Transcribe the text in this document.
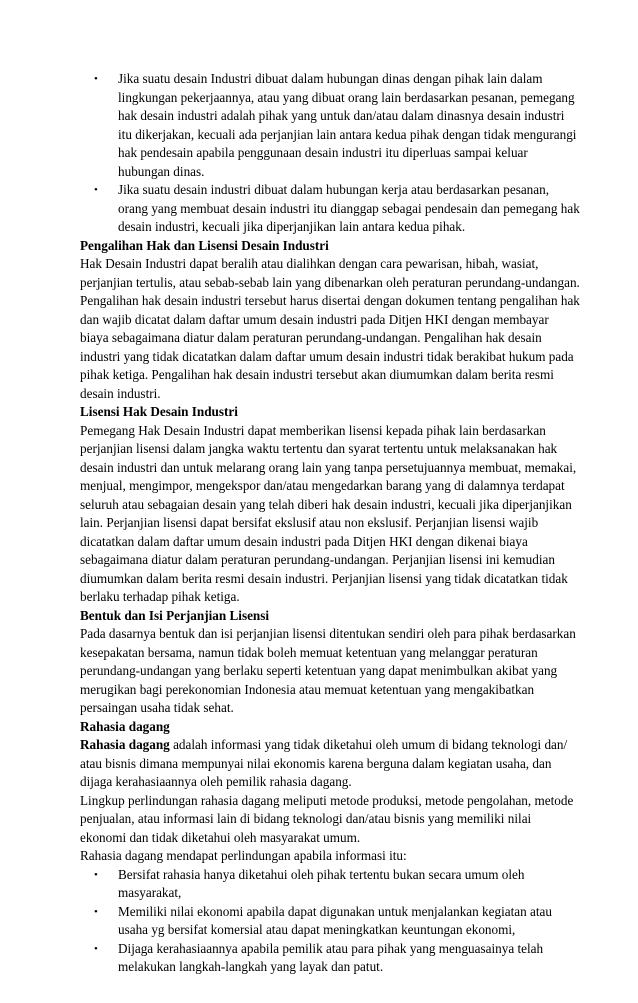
• Jika suatu desain Industri dibuat dalam hubungan dinas dengan pihak lain dalam lingkungan pekerjaannya, atau yang dibuat orang lain berdasarkan pesanan, pemegang hak desain industri adalah pihak yang untuk dan/atau dalam dinasnya desain industri itu dikerjakan, kecuali ada perjanjian lain antara kedua pihak dengan tidak mengurangi hak pendesain apabila penggunaan desain industri itu diperluas sampai keluar hubungan dinas.
• Jika suatu desain industri dibuat dalam hubungan kerja atau berdasarkan pesanan, orang yang membuat desain industri itu dianggap sebagai pendesain dan pemegang hak desain industri, kecuali jika diperjanjikan lain antara kedua pihak.
Pengalihan Hak dan Lisensi Desain Industri

Hak Desain Industri dapat beralih atau dialihkan dengan cara pewarisan, hibah, wasiat, perjanjian tertulis, atau sebab-sebab lain yang dibenarkan oleh peraturan perundang-undangan. Pengalihan hak desain industri tersebut harus disertai dengan dokumen tentang pengalihan hak dan wajib dicatat dalam daftar umum desain industri pada Ditjen HKI dengan membayar biaya sebagaimana diatur dalam peraturan perundang-undangan. Pengalihan hak desain industri yang tidak dicatatkan dalam daftar umum desain industri tidak berakibat hukum pada pihak ketiga. Pengalihan hak desain industri tersebut akan diumumkan dalam berita resmi desain industri.

Lisensi Hak Desain Industri

Pemegang Hak Desain Industri dapat memberikan lisensi kepada pihak lain berdasarkan perjanjian lisensi dalam jangka waktu tertentu dan syarat tertentu untuk melaksanakan hak desain industri dan untuk melarang orang lain yang tanpa persetujuannya membuat, memakai, menjual, mengimpor, mengekspor dan/atau mengedarkan barang yang di dalamnya terdapat seluruh atau sebagaian desain yang telah diberi hak desain industri, kecuali jika diperjanjikan lain. Perjanjian lisensi dapat bersifat ekslusif atau non ekslusif. Perjanjian lisensi wajib dicatatkan dalam daftar umum desain industri pada Ditjen HKI dengan dikenai biaya sebagaimana diatur dalam peraturan perundang-undangan. Perjanjian lisensi ini kemudian diumumkan dalam berita resmi desain industri. Perjanjian lisensi yang tidak dicatatkan tidak berlaku terhadap pihak ketiga.

Bentuk dan Isi Perjanjian Lisensi

Pada dasarnya bentuk dan isi perjanjian lisensi ditentukan sendiri oleh para pihak berdasarkan kesepakatan bersama, namun tidak boleh memuat ketentuan yang melanggar peraturan perundang-undangan yang berlaku seperti ketentuan yang dapat menimbulkan akibat yang merugikan bagi perekonomian Indonesia atau memuat ketentuan yang mengakibatkan persaingan usaha tidak sehat.

Rahasia dagang

Rahasia dagang adalah informasi yang tidak diketahui oleh umum di bidang teknologi dan/ atau bisnis dimana mempunyai nilai ekonomis karena berguna dalam kegiatan usaha, dan dijaga kerahasiaannya oleh pemilik rahasia dagang.

Lingkup perlindungan rahasia dagang meliputi metode produksi, metode pengolahan, metode penjualan, atau informasi lain di bidang teknologi dan/atau bisnis yang memiliki nilai ekonomi dan tidak diketahui oleh masyarakat umum.

Rahasia dagang mendapat perlindungan apabila informasi itu:

• Bersifat rahasia hanya diketahui oleh pihak tertentu bukan secara umum oleh masyarakat,
• Memiliki nilai ekonomi apabila dapat digunakan untuk menjalankan kegiatan atau usaha yg bersifat komersial atau dapat meningkatkan keuntungan ekonomi,
• Dijaga kerahasiaannya apabila pemilik atau para pihak yang menguasainya telah melakukan langkah-langkah yang layak dan patut.
